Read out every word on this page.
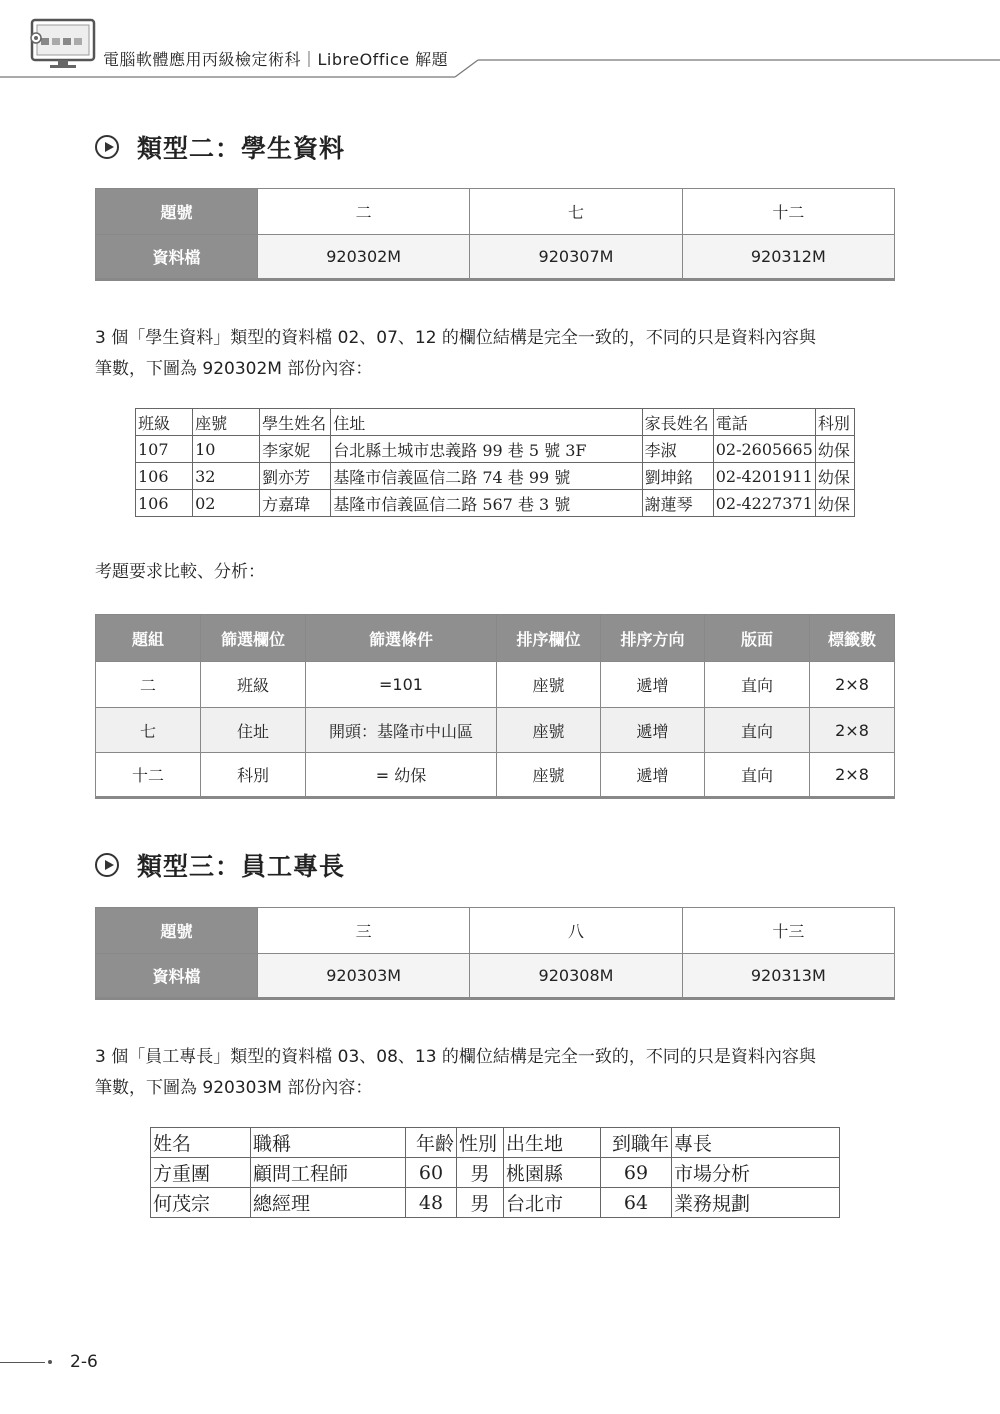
電腦軟體應用丙級檢定術科｜LibreOffice 解題
類型二：學生資料
題號	二	七	十二
資料檔	920302M	920307M	920312M
3 個「學生資料」類型的資料檔 02、07、12 的欄位結構是完全一致的，不同的只是資料內容與
筆數，下圖為 920302M 部份內容：
班級	座號	學生姓名	住址	家長姓名	電話	科別
107	10	李家妮	台北縣土城市忠義路 99 巷 5 號 3F	李淑	02-2605665	幼保
106	32	劉亦芳	基隆市信義區信二路 74 巷 99 號	劉坤銘	02-4201911	幼保
106	02	方嘉瑋	基隆市信義區信二路 567 巷 3 號	謝蓮琴	02-4227371	幼保
考題要求比較、分析：
題組	篩選欄位	篩選條件	排序欄位	排序方向	版面	標籤數
二	班級	=101	座號	遞增	直向	2×8
七	住址	開頭：基隆市中山區	座號	遞增	直向	2×8
十二	科別	= 幼保	座號	遞增	直向	2×8
類型三：員工專長
題號	三	八	十三
資料檔	920303M	920308M	920313M
3 個「員工專長」類型的資料檔 03、08、13 的欄位結構是完全一致的，不同的只是資料內容與
筆數，下圖為 920303M 部份內容：
姓名	職稱	年齡	性別	出生地	到職年	專長
方重團	顧問工程師	60	男	桃園縣	69	市場分析
何茂宗	總經理	48	男	台北市	64	業務規劃
2-6
